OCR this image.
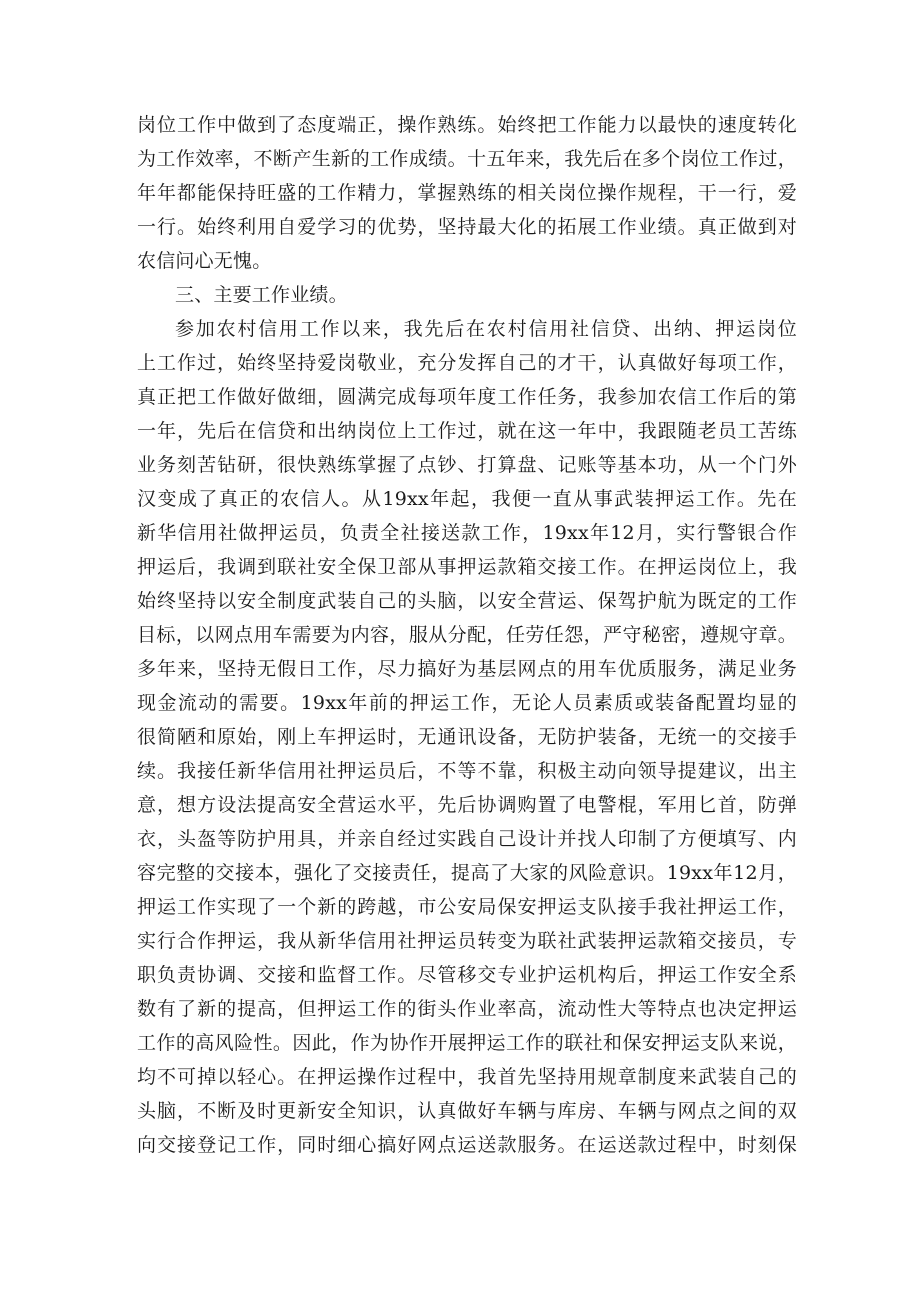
岗位工作中做到了态度端正，操作熟练。始终把工作能力以最快的速度转化
为工作效率，不断产生新的工作成绩。十五年来，我先后在多个岗位工作过，
年年都能保持旺盛的工作精力，掌握熟练的相关岗位操作规程，干一行，爱
一行。始终利用自爱学习的优势，坚持最大化的拓展工作业绩。真正做到对
农信问心无愧。
三、主要工作业绩。
参加农村信用工作以来，我先后在农村信用社信贷、出纳、押运岗位
上工作过，始终坚持爱岗敬业，充分发挥自己的才干，认真做好每项工作，
真正把工作做好做细，圆满完成每项年度工作任务，我参加农信工作后的第
一年，先后在信贷和出纳岗位上工作过，就在这一年中，我跟随老员工苦练
业务刻苦钻研，很快熟练掌握了点钞、打算盘、记账等基本功，从一个门外
汉变成了真正的农信人。从19xx年起，我便一直从事武装押运工作。先在
新华信用社做押运员，负责全社接送款工作，19xx年12月，实行警银合作
押运后，我调到联社安全保卫部从事押运款箱交接工作。在押运岗位上，我
始终坚持以安全制度武装自己的头脑，以安全营运、保驾护航为既定的工作
目标，以网点用车需要为内容，服从分配，任劳任怨，严守秘密，遵规守章。
多年来，坚持无假日工作，尽力搞好为基层网点的用车优质服务，满足业务
现金流动的需要。19xx年前的押运工作，无论人员素质或装备配置均显的
很简陋和原始，刚上车押运时，无通讯设备，无防护装备，无统一的交接手
续。我接任新华信用社押运员后，不等不靠，积极主动向领导提建议，出主
意，想方设法提高安全营运水平，先后协调购置了电警棍，军用匕首，防弹
衣，头盔等防护用具，并亲自经过实践自己设计并找人印制了方便填写、内
容完整的交接本，强化了交接责任，提高了大家的风险意识。19xx年12月，
押运工作实现了一个新的跨越，市公安局保安押运支队接手我社押运工作，
实行合作押运，我从新华信用社押运员转变为联社武装押运款箱交接员，专
职负责协调、交接和监督工作。尽管移交专业护运机构后，押运工作安全系
数有了新的提高，但押运工作的街头作业率高，流动性大等特点也决定押运
工作的高风险性。因此，作为协作开展押运工作的联社和保安押运支队来说，
均不可掉以轻心。在押运操作过程中，我首先坚持用规章制度来武装自己的
头脑，不断及时更新安全知识，认真做好车辆与库房、车辆与网点之间的双
向交接登记工作，同时细心搞好网点运送款服务。在运送款过程中，时刻保
